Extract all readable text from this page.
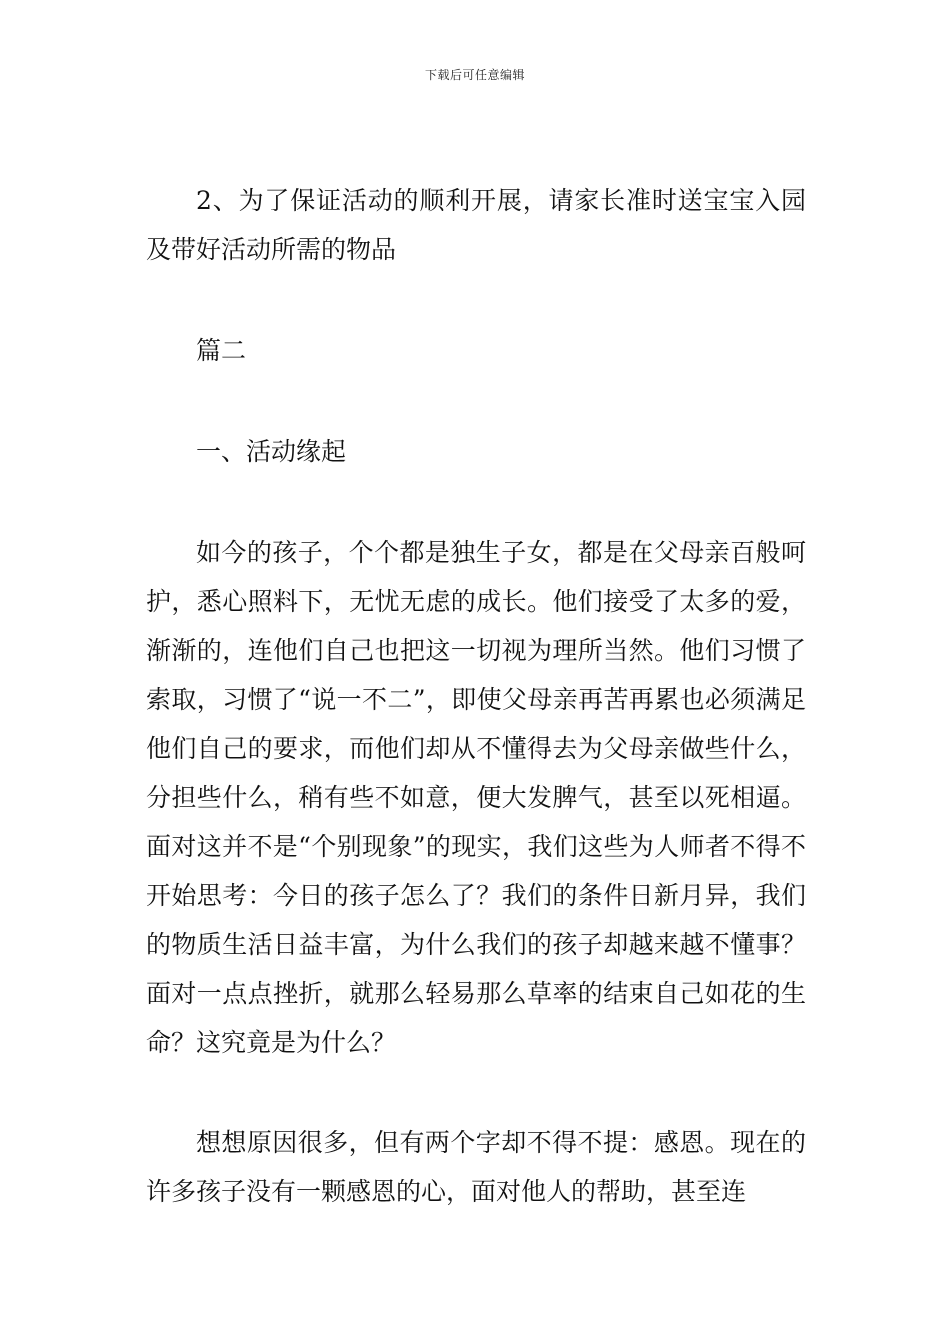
下载后可任意编辑

2、为了保证活动的顺利开展，请家长准时送宝宝入园及带好活动所需的物品

篇二

一、活动缘起

如今的孩子，个个都是独生子女，都是在父母亲百般呵护，悉心照料下，无忧无虑的成长。他们接受了太多的爱，渐渐的，连他们自己也把这一切视为理所当然。他们习惯了索取，习惯了“说一不二”，即使父母亲再苦再累也必须满足他们自己的要求，而他们却从不懂得去为父母亲做些什么，分担些什么，稍有些不如意，便大发脾气，甚至以死相逼。面对这并不是“个别现象”的现实，我们这些为人师者不得不开始思考：今日的孩子怎么了？我们的条件日新月异，我们的物质生活日益丰富，为什么我们的孩子却越来越不懂事？面对一点点挫折，就那么轻易那么草率的结束自己如花的生命？这究竟是为什么？

想想原因很多，但有两个字却不得不提：感恩。现在的许多孩子没有一颗感恩的心，面对他人的帮助，甚至连
